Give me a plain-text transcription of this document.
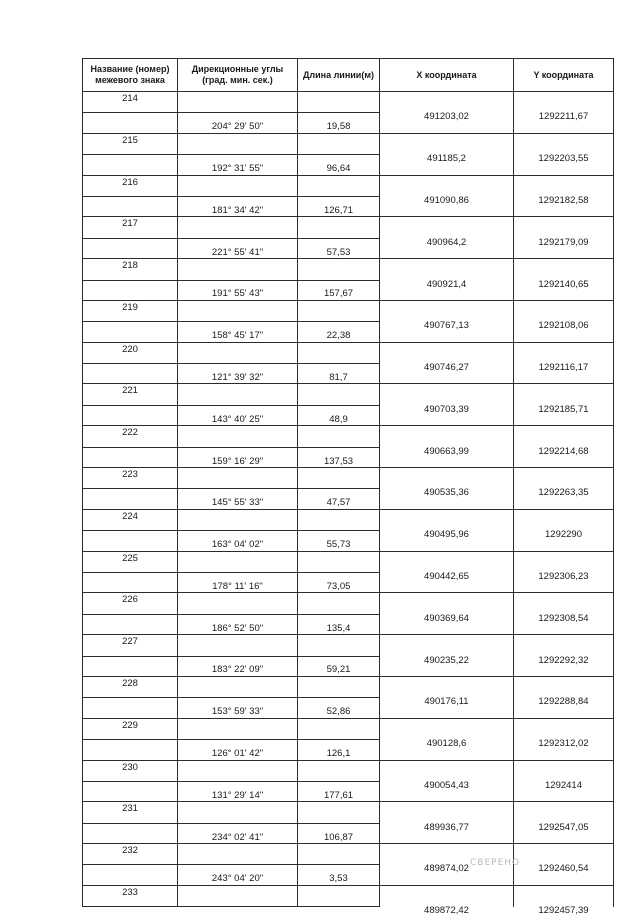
Название (номер) межевого знака	Дирекционные углы (град. мин. сек.)	Длина линии(м)	X координата	Y координата
214			491203,02	1292211,67
	204° 29' 50"	19,58		
215			491185,2	1292203,55
	192° 31' 55"	96,64		
216			491090,86	1292182,58
	181° 34' 42"	126,71		
217			490964,2	1292179,09
	221° 55' 41"	57,53		
218			490921,4	1292140,65
	191° 55' 43"	157,67		
219			490767,13	1292108,06
	158° 45' 17"	22,38		
220			490746,27	1292116,17
	121° 39' 32"	81,7		
221			490703,39	1292185,71
	143° 40' 25"	48,9		
222			490663,99	1292214,68
	159° 16' 29"	137,53		
223			490535,36	1292263,35
	145° 55' 33"	47,57		
224			490495,96	1292290
	163° 04' 02"	55,73		
225			490442,65	1292306,23
	178° 11' 16"	73,05		
226			490369,64	1292308,54
	186° 52' 50"	135,4		
227			490235,22	1292292,32
	183° 22' 09"	59,21		
228			490176,11	1292288,84
	153° 59' 33"	52,86		
229			490128,6	1292312,02
	126° 01' 42"	126,1		
230			490054,43	1292414
	131° 29' 14"	177,61		
231			489936,77	1292547,05
	234° 02' 41"	106,87		
232			489874,02	1292460,54
	243° 04' 20"	3,53		
233			489872,42	1292457,39
СВЕРЕНО
